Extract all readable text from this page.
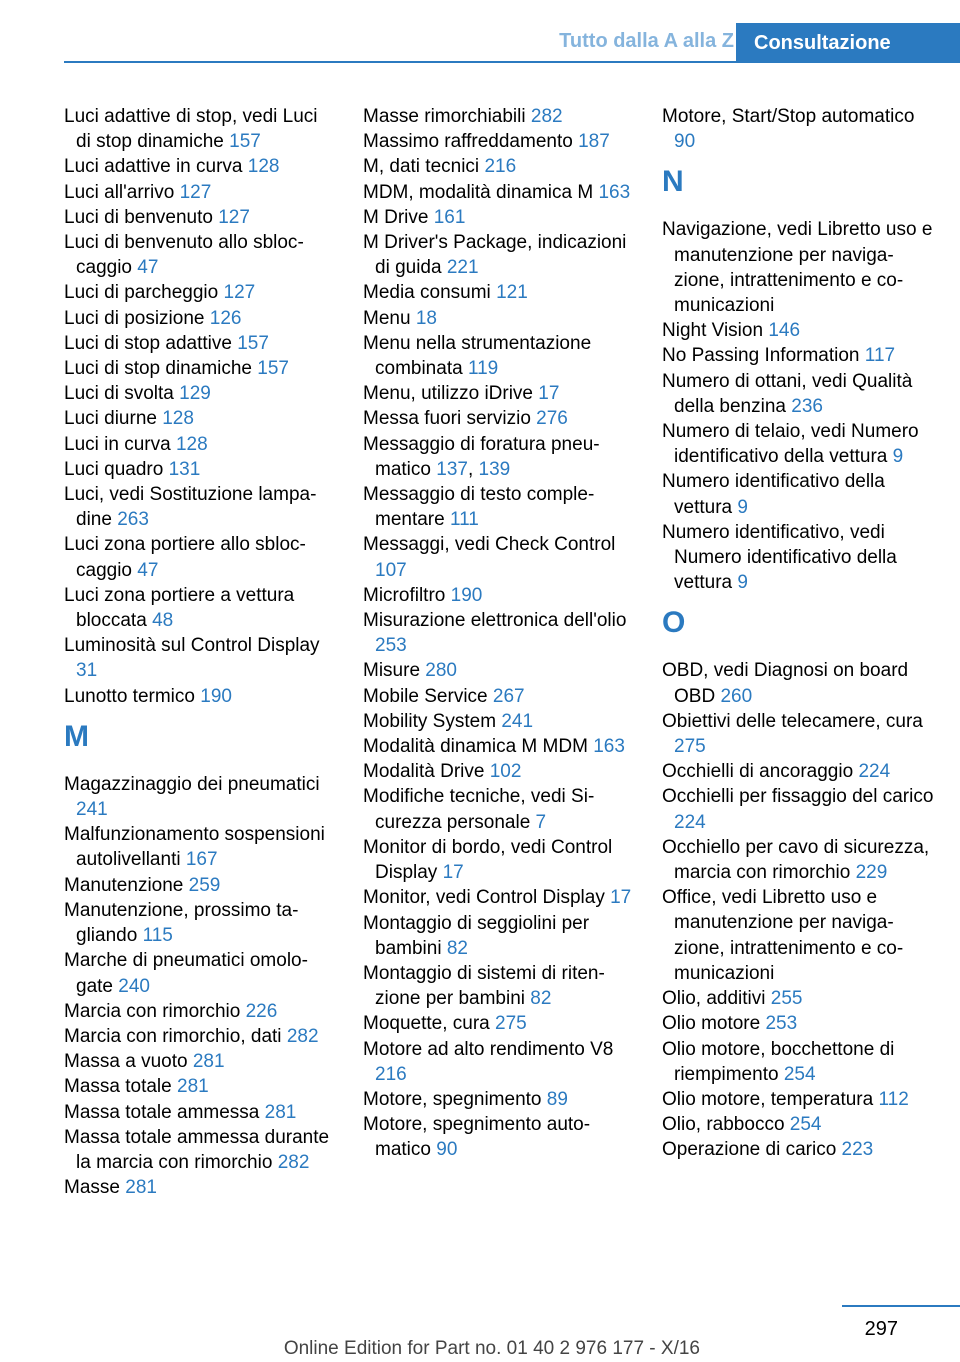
Tutto dalla A alla Z	Consultazione
Luci adattive di stop, vedi Luci di stop dinamiche 157
Luci adattive in curva 128
Luci all'arrivo 127
Luci di benvenuto 127
Luci di benvenuto allo sbloccaggio 47
Luci di parcheggio 127
Luci di posizione 126
Luci di stop adattive 157
Luci di stop dinamiche 157
Luci di svolta 129
Luci diurne 128
Luci in curva 128
Luci quadro 131
Luci, vedi Sostituzione lampadine 263
Luci zona portiere allo sbloccaggio 47
Luci zona portiere a vettura bloccata 48
Luminosità sul Control Display 31
Lunotto termico 190
M
Magazzinaggio dei pneumatici 241
Malfunzionamento sospensioni autolivellanti 167
Manutenzione 259
Manutenzione, prossimo tagliando 115
Marche di pneumatici omologate 240
Marcia con rimorchio 226
Marcia con rimorchio, dati 282
Massa a vuoto 281
Massa totale 281
Massa totale ammessa 281
Massa totale ammessa durante la marcia con rimorchio 282
Masse 281
Masse rimorchiabili 282
Massimo raffreddamento 187
M, dati tecnici 216
MDM, modalità dinamica M 163
M Drive 161
M Driver's Package, indicazioni di guida 221
Media consumi 121
Menu 18
Menu nella strumentazione combinata 119
Menu, utilizzo iDrive 17
Messa fuori servizio 276
Messaggio di foratura pneumatico 137, 139
Messaggio di testo complementare 111
Messaggi, vedi Check Control 107
Microfiltro 190
Misurazione elettronica dell'olio 253
Misure 280
Mobile Service 267
Mobility System 241
Modalità dinamica M MDM 163
Modalità Drive 102
Modifiche tecniche, vedi Sicurezza personale 7
Monitor di bordo, vedi Control Display 17
Monitor, vedi Control Display 17
Montaggio di seggiolini per bambini 82
Montaggio di sistemi di ritenzione per bambini 82
Moquette, cura 275
Motore ad alto rendimento V8 216
Motore, spegnimento 89
Motore, spegnimento automatico 90
Motore, Start/Stop automatico 90
N
Navigazione, vedi Libretto uso e manutenzione per navigazione, intrattenimento e comunicazioni
Night Vision 146
No Passing Information 117
Numero di ottani, vedi Qualità della benzina 236
Numero di telaio, vedi Numero identificativo della vettura 9
Numero identificativo della vettura 9
Numero identificativo, vedi Numero identificativo della vettura 9
O
OBD, vedi Diagnosi on board OBD 260
Obiettivi delle telecamere, cura 275
Occhielli di ancoraggio 224
Occhielli per fissaggio del carico 224
Occhiello per cavo di sicurezza, marcia con rimorchio 229
Office, vedi Libretto uso e manutenzione per navigazione, intrattenimento e comunicazioni
Olio, additivi 255
Olio motore 253
Olio motore, bocchettone di riempimento 254
Olio motore, temperatura 112
Olio, rabbocco 254
Operazione di carico 223
297
Online Edition for Part no. 01 40 2 976 177 - X/16
